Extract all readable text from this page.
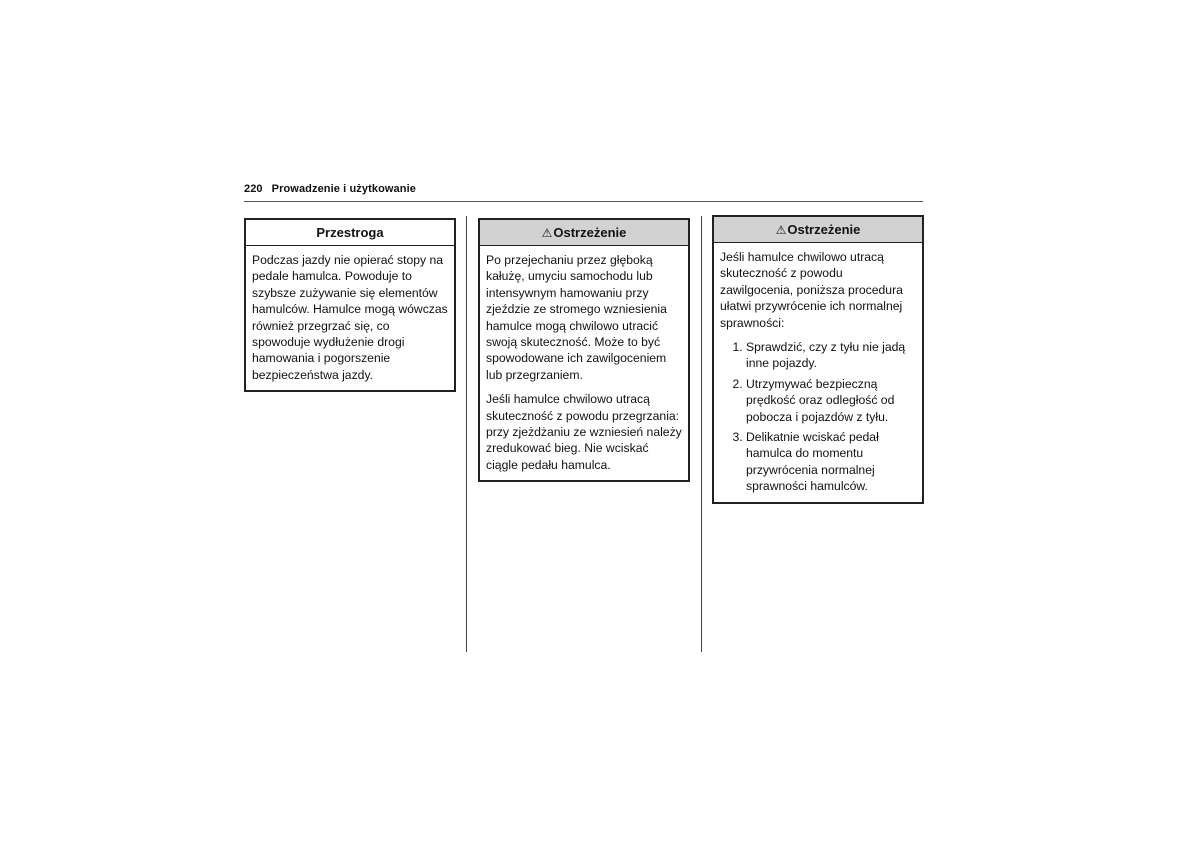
220 Prowadzenie i użytkowanie
Przestroga

Podczas jazdy nie opierać stopy na pedale hamulca. Powoduje to szybsze zużywanie się elementów hamulców. Hamulce mogą wówczas również przegrzać się, co spowoduje wydłużenie drogi hamowania i pogorszenie bezpieczeństwa jazdy.

⚠Ostrzeżenie

Po przejechaniu przez głęboką kałużę, umyciu samochodu lub intensywnym hamowaniu przy zjeździe ze stromego wzniesienia hamulce mogą chwilowo utracić swoją skuteczność. Może to być spowodowane ich zawilgoceniem lub przegrzaniem.

Jeśli hamulce chwilowo utracą skuteczność z powodu przegrzania: przy zjeżdżaniu ze wzniesień należy zredukować bieg. Nie wciskać ciągle pedału hamulca.

⚠Ostrzeżenie

Jeśli hamulce chwilowo utracą skuteczność z powodu zawilgocenia, poniższa procedura ułatwi przywrócenie ich normalnej sprawności:

1. Sprawdzić, czy z tyłu nie jadą inne pojazdy.
2. Utrzymywać bezpieczną prędkość oraz odległość od pobocza i pojazdów z tyłu.
3. Delikatnie wciskać pedał hamulca do momentu przywrócenia normalnej sprawności hamulców.
